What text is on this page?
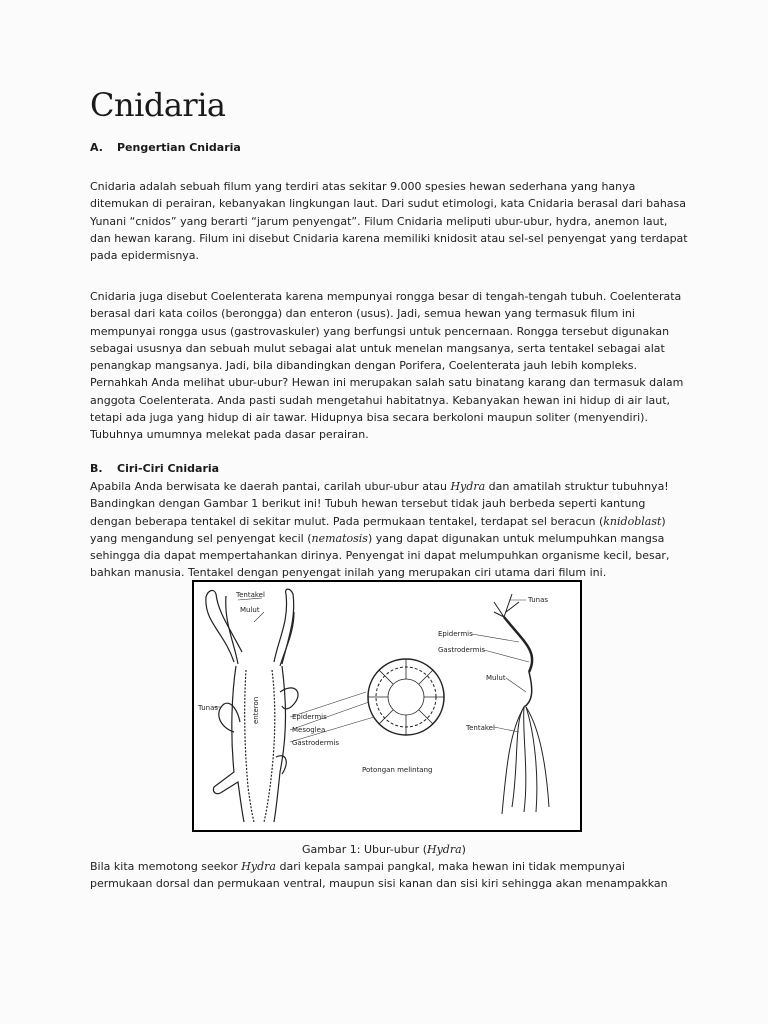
Cnidaria
A. Pengertian Cnidaria

Cnidaria adalah sebuah filum yang terdiri atas sekitar 9.000 spesies hewan sederhana yang hanya ditemukan di perairan, kebanyakan lingkungan laut. Dari sudut etimologi, kata Cnidaria berasal dari bahasa Yunani “cnidos” yang berarti “jarum penyengat”. Filum Cnidaria meliputi ubur-ubur, hydra, anemon laut, dan hewan karang. Filum ini disebut Cnidaria karena memiliki knidosit atau sel-sel penyengat yang terdapat pada epidermisnya.

Cnidaria juga disebut Coelenterata karena mempunyai rongga besar di tengah-tengah tubuh. Coelenterata berasal dari kata coilos (berongga) dan enteron (usus). Jadi, semua hewan yang termasuk filum ini mempunyai rongga usus (gastrovaskuler) yang berfungsi untuk pencernaan. Rongga tersebut digunakan sebagai ususnya dan sebuah mulut sebagai alat untuk menelan mangsanya, serta tentakel sebagai alat penangkap mangsanya. Jadi, bila dibandingkan dengan Porifera, Coelenterata jauh lebih kompleks. Pernahkah Anda melihat ubur-ubur? Hewan ini merupakan salah satu binatang karang dan termasuk dalam anggota Coelenterata. Anda pasti sudah mengetahui habitatnya. Kebanyakan hewan ini hidup di air laut, tetapi ada juga yang hidup di air tawar. Hidupnya bisa secara berkoloni maupun soliter (menyendiri). Tubuhnya umumnya melekat pada dasar perairan.

B. Ciri-Ciri Cnidaria

Apabila Anda berwisata ke daerah pantai, carilah ubur-ubur atau Hydra dan amatilah struktur tubuhnya! Bandingkan dengan Gambar 1 berikut ini! Tubuh hewan tersebut tidak jauh berbeda seperti kantung dengan beberapa tentakel di sekitar mulut. Pada permukaan tentakel, terdapat sel beracun (knidoblast) yang mengandung sel penyengat kecil (nematosis) yang dapat digunakan untuk melumpuhkan mangsa sehingga dia dapat mempertahankan dirinya. Penyengat ini dapat melumpuhkan organisme kecil, besar, bahkan manusia. Tentakel dengan penyengat inilah yang merupakan ciri utama dari filum ini.

Tentakel
Mulut
Tunas	enteron	Epidermis
Mesoglea
Gastrodermis
Potongan melintang
Tunas
Epidermis
Gastrodermis
Mulut
Tentakel
Gambar 1: Ubur-ubur (Hydra)

Bila kita memotong seekor Hydra dari kepala sampai pangkal, maka hewan ini tidak mempunyai permukaan dorsal dan permukaan ventral, maupun sisi kanan dan sisi kiri sehingga akan menampakkan
